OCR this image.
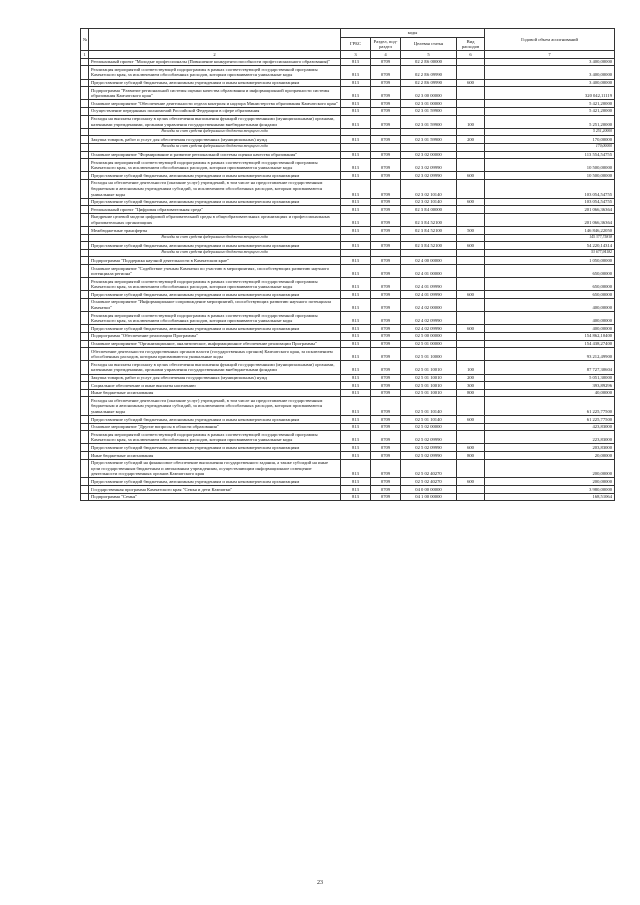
№		коды				Годовой объем ассигнований
		ГРБС	Раздел, под-раздел	Целевая статья	Вид расходов	
1	2	3	4	5	6	7
	Региональный проект "Молодые профессионалы (Повышение конкурентоспособности профессионального образования)"	813	0709	02 2 E6 00000		3 400,00000
	Реализация мероприятий соответствующей подпрограммы в рамках соответствующей государственной программы Камчатского края, за исключением обособленных расходов, которым присваиваются уникальные коды	813	0709	02 2 E6 09990		3 400,00000
	Предоставление субсидий бюджетным, автономным учреждениям и иным некоммерческим организациям	813	0709	02 2 E6 09990	600	3 400,00000
	Подпрограмма "Развитие региональной системы оценки качества образования и информационной прозрачности системы образования Камчатского края"	813	0709	02 3 00 00000		320 042,11119
	Основное мероприятие "Обеспечение деятельности отдела контроля и надзора Министерства образования Камчатского края"	813	0709	02 3 01 00000		5 421,20000
	Осуществление переданных полномочий Российской Федерации в сфере образования	813	0709	02 3 01 59900		5 421,20000
	Расходы на выплаты персоналу в целях обеспечения выполнения функций государственными (муниципальными) органами, казенными учреждениями, органами управления государственными внебюджетными фондами	813	0709	02 3 01 59900	100	5 251,20000
	Расходы за счет средств федерального бюджета текущего года					5 251,20000
	Закупка товаров, работ и услуг для обеспечения государственных (муниципальных) нужд	813	0709	02 3 01 59900	200	170,00000
	Расходы за счет средств федерального бюджета текущего года					170,00000
	Основное мероприятие "Формирование и развитие региональной системы оценки качества образования"	813	0709	02 3 02 00000		113 554,54755
	Реализация мероприятий соответствующей подпрограммы в рамках соответствующей государственной программы Камчатского края, за исключением обособленных расходов, которым присваиваются уникальные коды	813	0709	02 3 02 09990		10 500,00000
	Предоставление субсидий бюджетным, автономным учреждениям и иным некоммерческим организациям	813	0709	02 3 02 09990	600	10 500,00000
	Расходы на обеспечение деятельности (оказание услуг) учреждений, в том числе на предоставление государственным бюджетным и автономным учреждениям субсидий, за исключением обособленных расходов, которым присваиваются уникальные коды	813	0709	02 3 02 10140		103 054,54755
	Предоставление субсидий бюджетным, автономным учреждениям и иным некоммерческим организациям	813	0709	02 3 02 10140	600	103 054,54755
	Региональный проект "Цифровая образовательная среда"	813	0709	02 3 E4 00000		201 066,36364
	Внедрение целевой модели цифровой образовательной среды в общеобразовательных организациях и профессиональных образовательных организациях	813	0709	02 3 E4 52100		201 066,36364
	Межбюджетные трансферты	813	0709	02 3 E4 52100	500	146 846,22050
	Расходы за счет средств федерального бюджета текущего года					145 377,75818
	Предоставление субсидий бюджетным, автономным учреждениям и иным некоммерческим организациям	813	0709	02 3 E4 52100	600	54 220,14314
	Расходы за счет средств федерального бюджета текущего года					53 677,94182
	Подпрограмма "Поддержка научной деятельности в Камчатском крае"	813	0709	02 4 00 00000		1 050,00000
	Основное мероприятие "Содействие ученым Камчатки по участию в мероприятиях, способствующих развитию научного потенциала региона"	813	0709	02 4 01 00000		650,00000
	Реализация мероприятий соответствующей подпрограммы в рамках соответствующей государственной программы Камчатского края, за исключением обособленных расходов, которым присваиваются уникальные коды	813	0709	02 4 01 09990		650,00000
	Предоставление субсидий бюджетным, автономным учреждениям и иным некоммерческим организациям	813	0709	02 4 01 09990	600	650,00000
	Основное мероприятие "Информационное сопровождение мероприятий, способствующих развитию научного потенциала Камчатки"	813	0709	02 4 02 00000		400,00000
	Реализация мероприятий соответствующей подпрограммы в рамках соответствующей государственной программы Камчатского края, за исключением обособленных расходов, которым присваиваются уникальные коды	813	0709	02 4 02 09990		400,00000
	Предоставление субсидий бюджетным, автономным учреждениям и иным некоммерческим организациям	813	0709	02 4 02 09990	600	400,00000
	Подпрограмма "Обеспечение реализации Программы"	813	0709	02 5 00 00000		154 862,10400
	Основное мероприятие "Организационное, аналитическое, информационное обеспечение реализации Программы"	813	0709	02 5 01 00000		154 438,27400
	Обеспечение деятельности государственных органов власти (государственных органов) Камчатского края, за исключением обособленных расходов, которым присваиваются уникальные коды	813	0709	02 5 01 10000		93 212,49900
	Расходы на выплаты персоналу в целях обеспечения выполнения функций государственными (муниципальными) органами, казенными учреждениями, органами управления государственными внебюджетными фондами	813	0709	02 5 01 10010	100	87 727,30604
	Закупка товаров, работ и услуг для обеспечения государственных (муниципальных) нужд	813	0709	02 5 01 10010	200	5 051,30000
	Социальное обеспечение и иные выплаты населению	813	0709	02 5 01 10010	300	393,89296
	Иные бюджетные ассигнования	813	0709	02 5 01 10010	800	40,00000
	Расходы на обеспечение деятельности (оказание услуг) учреждений, в том числе на предоставление государственным бюджетным и автономным учреждениям субсидий, за исключением обособленных расходов, которым присваиваются уникальные коды	813	0709	02 5 01 10140		61 225,77500
	Предоставление субсидий бюджетным, автономным учреждениям и иным некоммерческим организациям	813	0709	02 5 01 10140	600	61 225,77500
	Основное мероприятие "Другие вопросы в области образования"	813	0709	02 5 02 00000		423,83000
	Реализация мероприятий соответствующей подпрограммы в рамках соответствующей государственной программы Камчатского края, за исключением обособленных расходов, которым присваиваются уникальные коды	813	0709	02 5 02 09990		223,83000
	Предоставление субсидий бюджетным, автономным учреждениям и иным некоммерческим организациям	813	0709	02 5 02 09990	600	203,83000
	Иные бюджетные ассигнования	813	0709	02 5 02 09990	800	20,00000
	Предоставление субсидий на финансовое обеспечение выполнения государственного задания, а также субсидий на иные цели государственным бюджетным и автономным учреждениям, осуществляющим информационное освещение деятельности государственных органов Камчатского края	813	0709	02 5 02 40270		200,00000
	Предоставление субсидий бюджетным, автономным учреждениям и иным некоммерческим организациям	813	0709	02 5 02 40270	600	200,00000
	Государственная программа Камчатского края "Семья и дети Камчатки"	813	0709	04 0 00 00000		3 980,00000
	Подпрограмма "Семья"	813	0709	04 1 00 00000		168,51064
23
